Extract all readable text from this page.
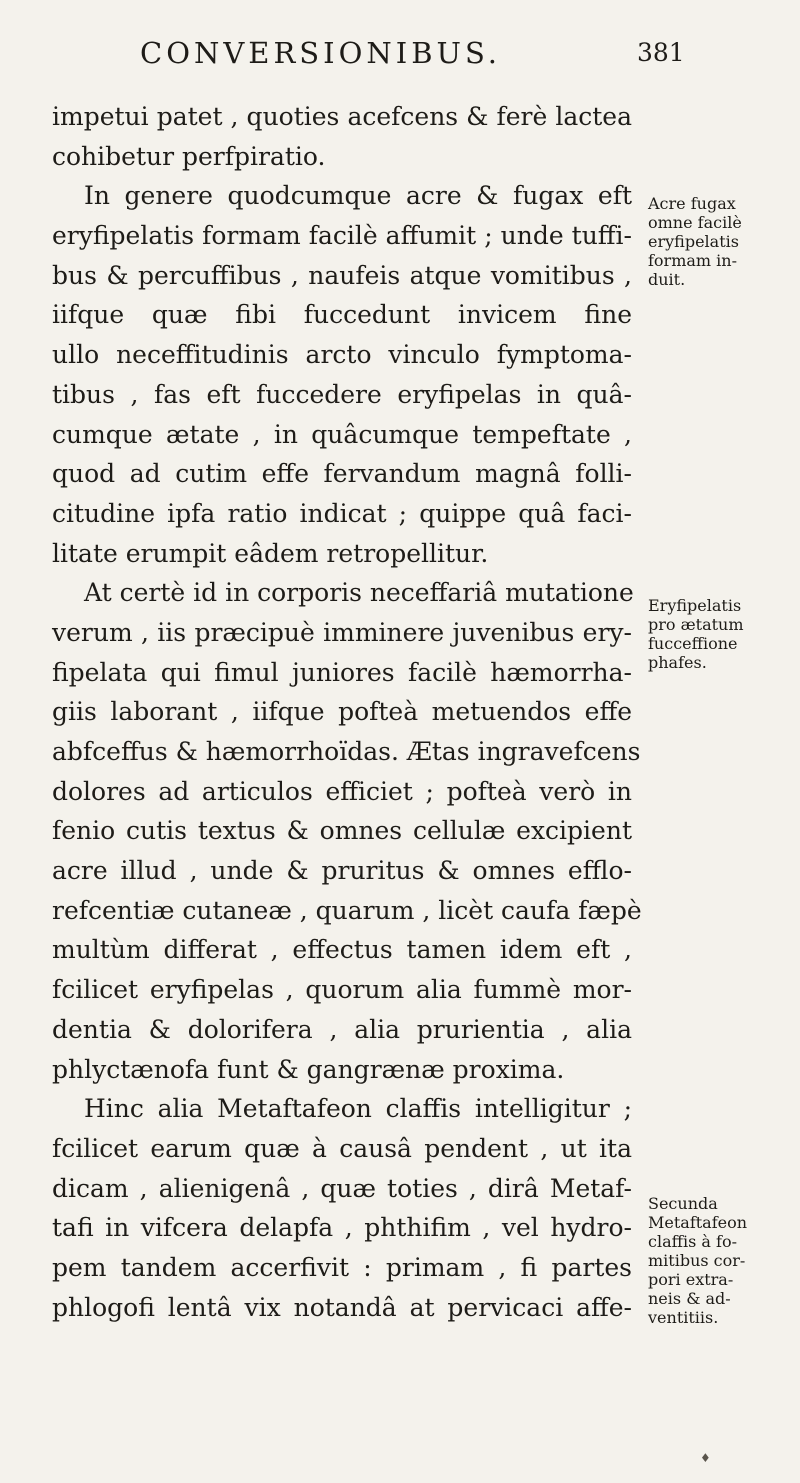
CONVERSIONIBUS.	381
impetui patet , quoties acefcens & ferè lactea
cohibetur perfpiratio.
In genere quodcumque acre & fugax eft
eryfipelatis formam facilè affumit ; unde tuffi-
bus & percuffibus , naufeis atque vomitibus ,
iifque quæ fibi fuccedunt invicem fine
ullo neceffitudinis arcto vinculo fymptoma-
tibus , fas eft fuccedere eryfipelas in quâ-
cumque ætate , in quâcumque tempeftate ,
quod ad cutim effe fervandum magnâ folli-
citudine ipfa ratio indicat ; quippe quâ faci-
litate erumpit eâdem retropellitur.
At certè id in corporis neceffariâ mutatione
verum , iis præcipuè imminere juvenibus ery-
fipelata qui fimul juniores facilè hæmorrha-
giis laborant , iifque pofteà metuendos effe
abfceffus & hæmorrhoïdas. Ætas ingravefcens
dolores ad articulos efficiet ; pofteà verò in
fenio cutis textus & omnes cellulæ excipient
acre illud , unde & pruritus & omnes efflo-
refcentiæ cutaneæ , quarum , licèt caufa fæpè
multùm differat , effectus tamen idem eft ,
fcilicet eryfipelas , quorum alia fummè mor-
dentia & dolorifera , alia prurientia , alia
phlyctænofa funt & gangrænæ proxima.
Hinc alia Metaftafeon claffis intelligitur ;
fcilicet earum quæ à causâ pendent , ut ita
dicam , alienigenâ , quæ toties , dirâ Metaf-
tafi in vifcera delapfa , phthifim , vel hydro-
pem tandem accerfivit : primam , fi partes
phlogofi lentâ vix notandâ at pervicaci affe-
Acre fugax
omne facilè
eryfipelatis
formam in-
duit.
Eryfipelatis
pro ætatum
fucceffione
phafes.
Secunda
Metaftafeon
claffis à fo-
mitibus cor-
pori extra-
neis & ad-
ventitiis.
♦
